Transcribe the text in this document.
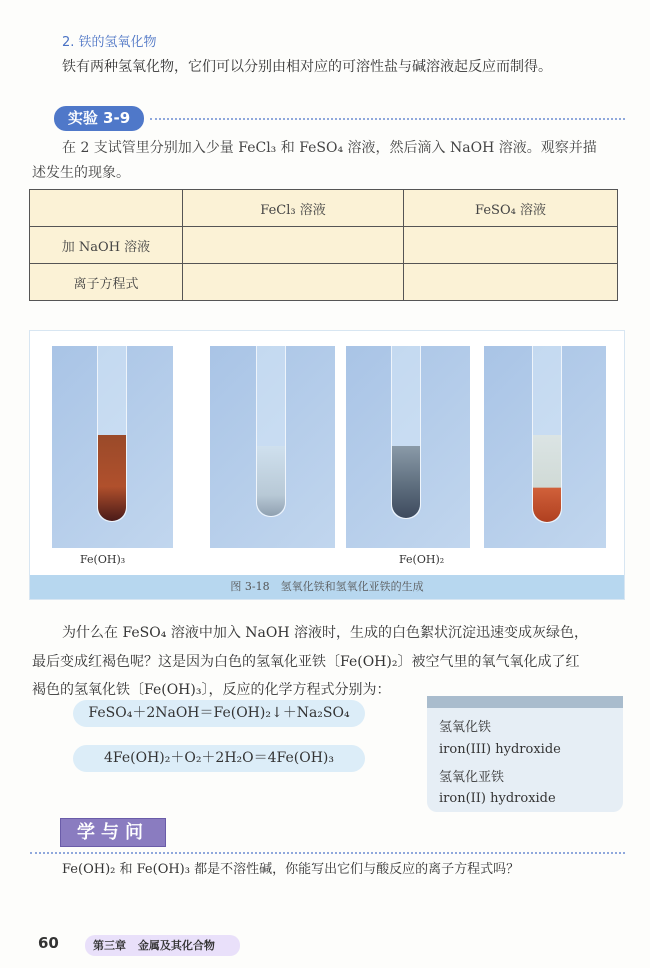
2. 铁的氢氧化物
铁有两种氢氧化物，它们可以分别由相对应的可溶性盐与碱溶液起反应而制得。
实验 3-9
在 2 支试管里分别加入少量 FeCl₃ 和 FeSO₄ 溶液，然后滴入 NaOH 溶液。观察并描
述发生的现象。
	FeCl₃ 溶液	FeSO₄ 溶液
加 NaOH 溶液		
离子方程式		
Fe(OH)₃	Fe(OH)₂
图 3-18　氢氧化铁和氢氧化亚铁的生成
为什么在 FeSO₄ 溶液中加入 NaOH 溶液时，生成的白色絮状沉淀迅速变成灰绿色，
最后变成红褐色呢？这是因为白色的氢氧化亚铁〔Fe(OH)₂〕被空气里的氧气氧化成了红
褐色的氢氧化铁〔Fe(OH)₃〕，反应的化学方程式分别为：
FeSO₄＋2NaOH＝Fe(OH)₂↓＋Na₂SO₄
4Fe(OH)₂＋O₂＋2H₂O＝4Fe(OH)₃
氢氧化铁
iron(III) hydroxide
氢氧化亚铁
iron(II) hydroxide
学与问
Fe(OH)₂ 和 Fe(OH)₃ 都是不溶性碱，你能写出它们与酸反应的离子方程式吗？
60	第三章 金属及其化合物
